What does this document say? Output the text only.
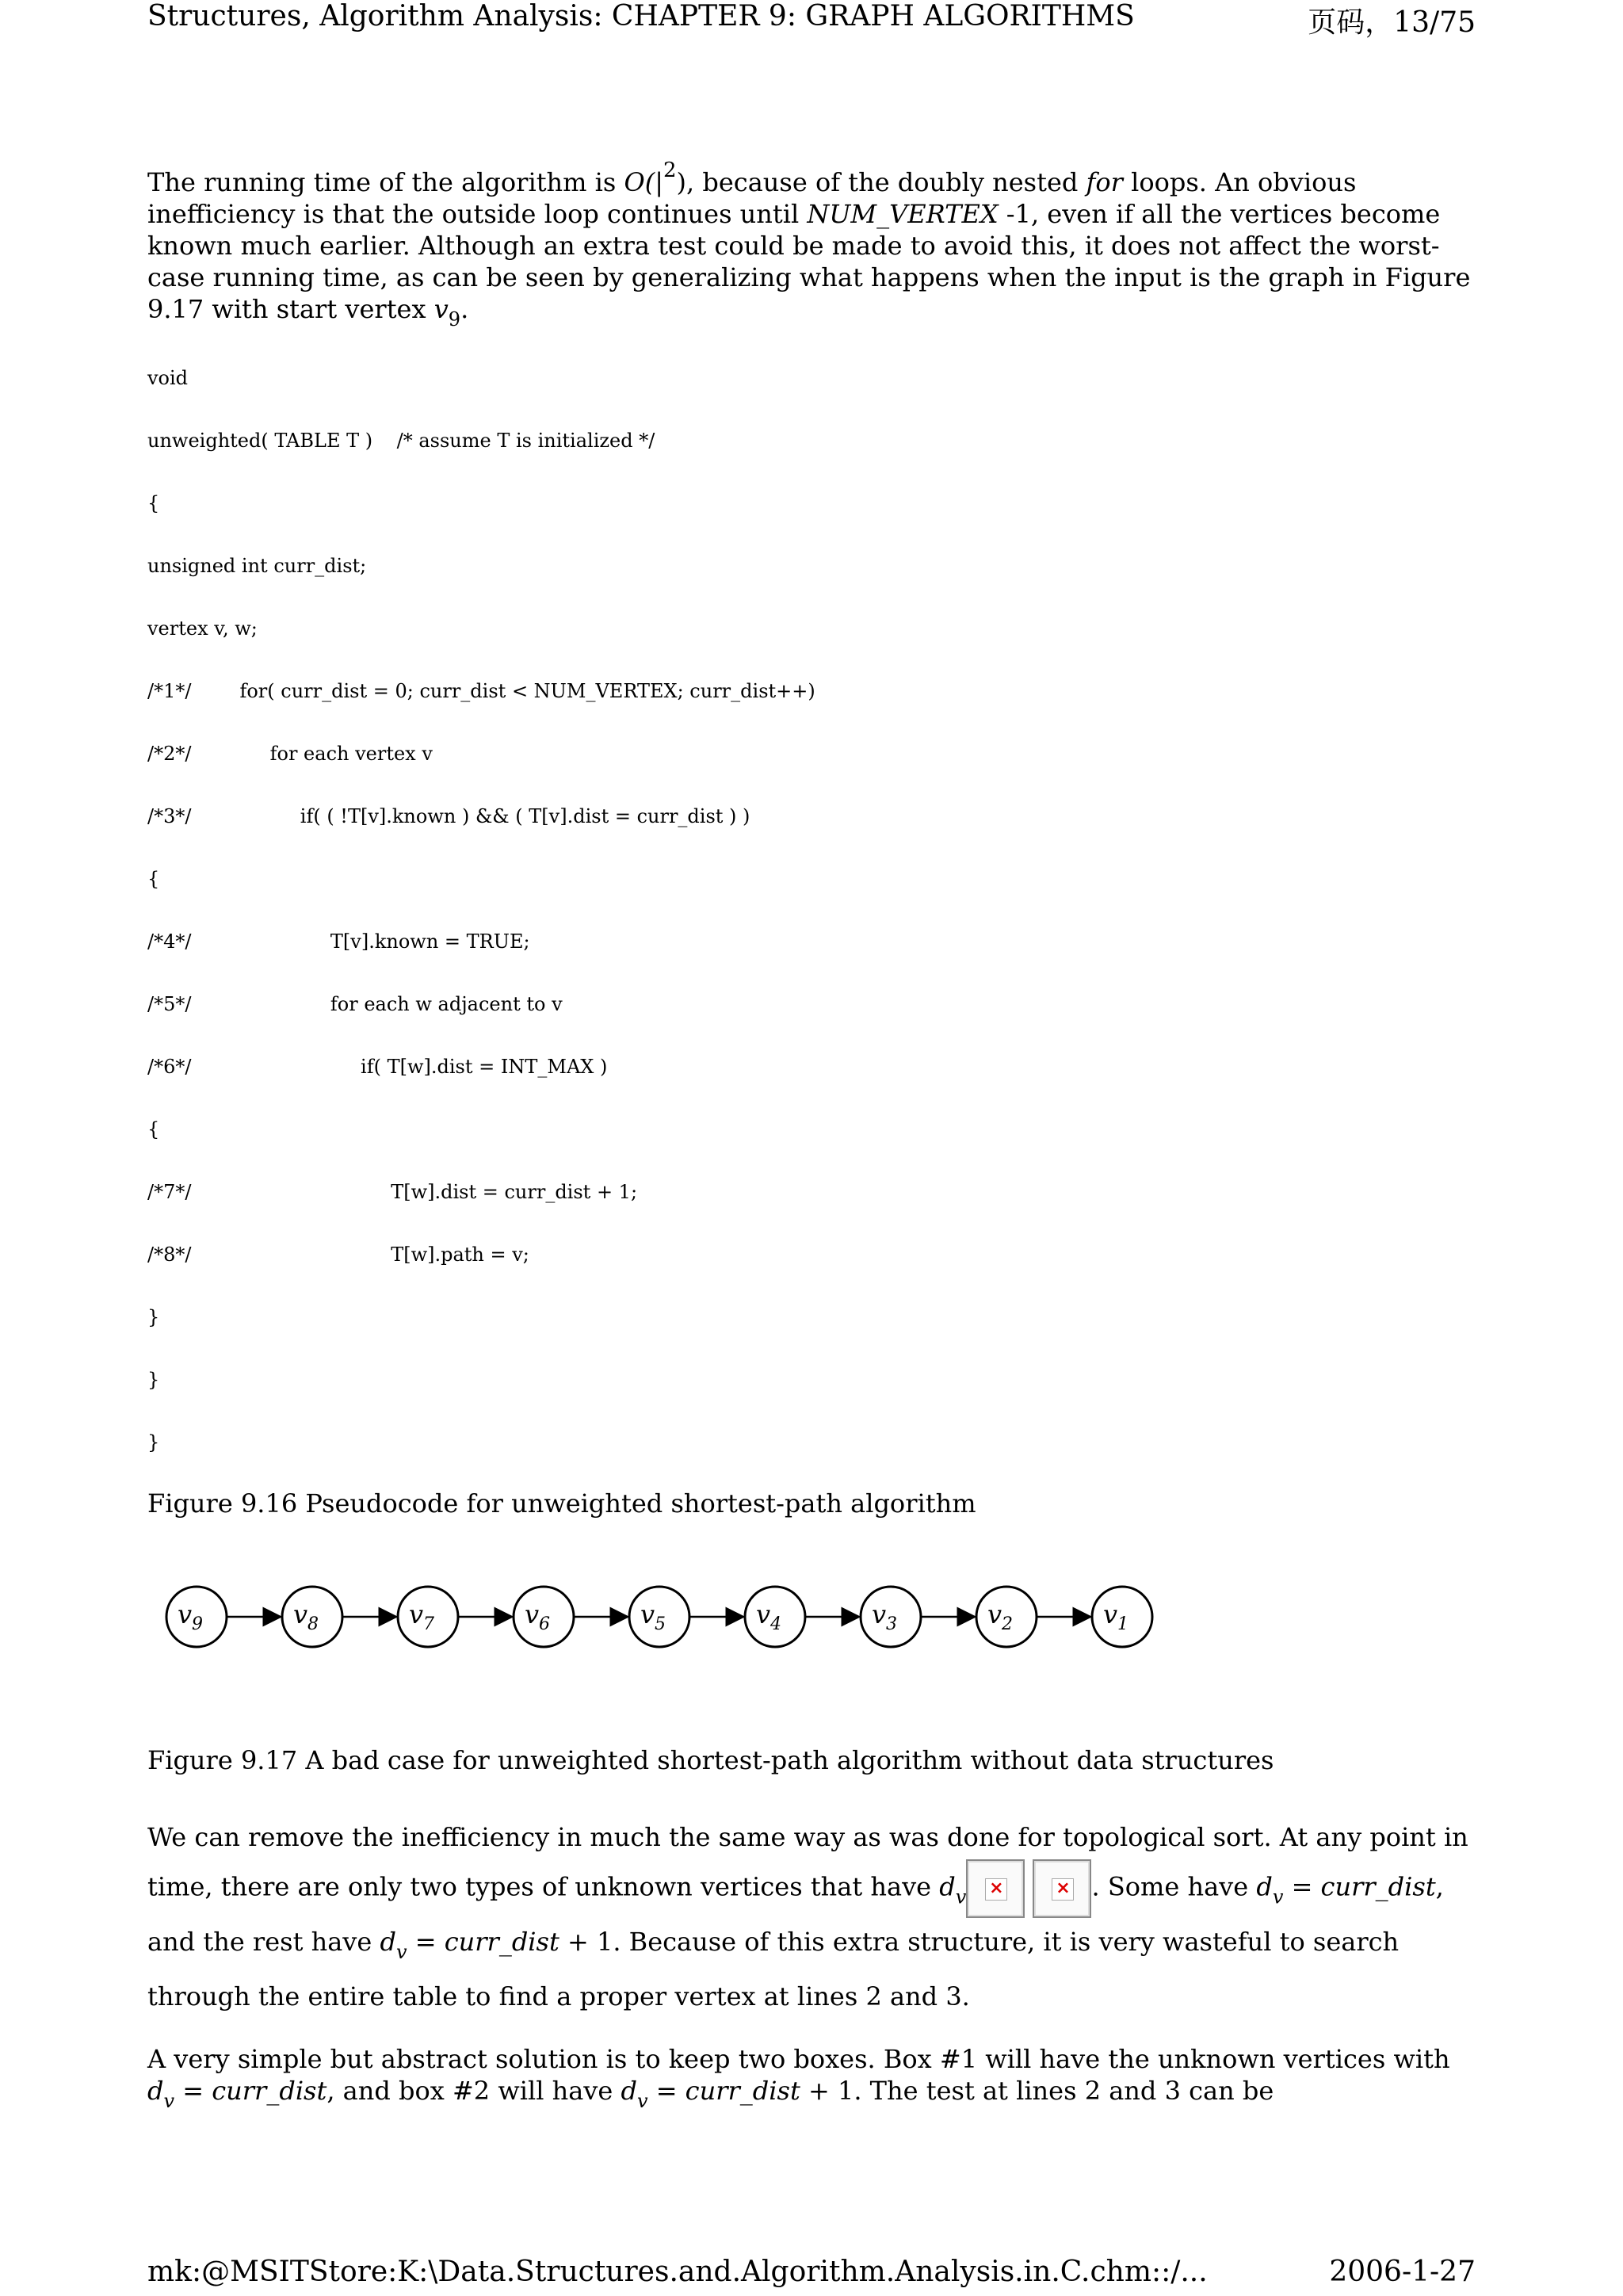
Structures, Algorithm Analysis: CHAPTER 9: GRAPH ALGORITHMS	页码，13/75
The running time of the algorithm is $O(|^2)$, because of the doubly nested for loops. An obvious inefficiency is that the outside loop continues until NUM_VERTEX -1, even if all the vertices become known much earlier. Although an extra test could be made to avoid this, it does not affect the worst-case running time, as can be seen by generalizing what happens when the input is the graph in Figure 9.17 with start vertex $v_9$.
void
unweighted( TABLE T )    /* assume T is initialized */
{
unsigned int curr_dist;
vertex v, w;
/*1*/        for( curr_dist = 0; curr_dist < NUM_VERTEX; curr_dist++)
/*2*/             for each vertex v
/*3*/                  if( ( !T[v].known ) && ( T[v].dist = curr_dist ) )
{
/*4*/                       T[v].known = TRUE;
/*5*/                       for each w adjacent to v
/*6*/                            if( T[w].dist = INT_MAX )
{
/*7*/                                 T[w].dist = curr_dist + 1;
/*8*/                                 T[w].path = v;
}
}
}
Figure 9.16 Pseudocode for unweighted shortest-path algorithm
$v_9$	$v_8$	$v_7$	$v_6$	$v_5$	$v_4$	$v_3$	$v_2$	$v_1$
Figure 9.17 A bad case for unweighted shortest-path algorithm without data structures
We can remove the inefficiency in much the same way as was done for topological sort. At any point in time, there are only two types of unknown vertices that have $d_v$ ×
	× . Some have $d_v$ = curr_dist, and the rest have $d_v$ = curr_dist + 1. Because of this extra structure, it is very wasteful to search through the entire table to find a proper vertex at lines 2 and 3.
A very simple but abstract solution is to keep two boxes. Box #1 will have the unknown vertices with $d_v$ = curr_dist, and box #2 will have $d_v$ = curr_dist + 1. The test at lines 2 and 3 can be
mk:@MSITStore:K:\Data.Structures.and.Algorithm.Analysis.in.C.chm::/...	2006-1-27
